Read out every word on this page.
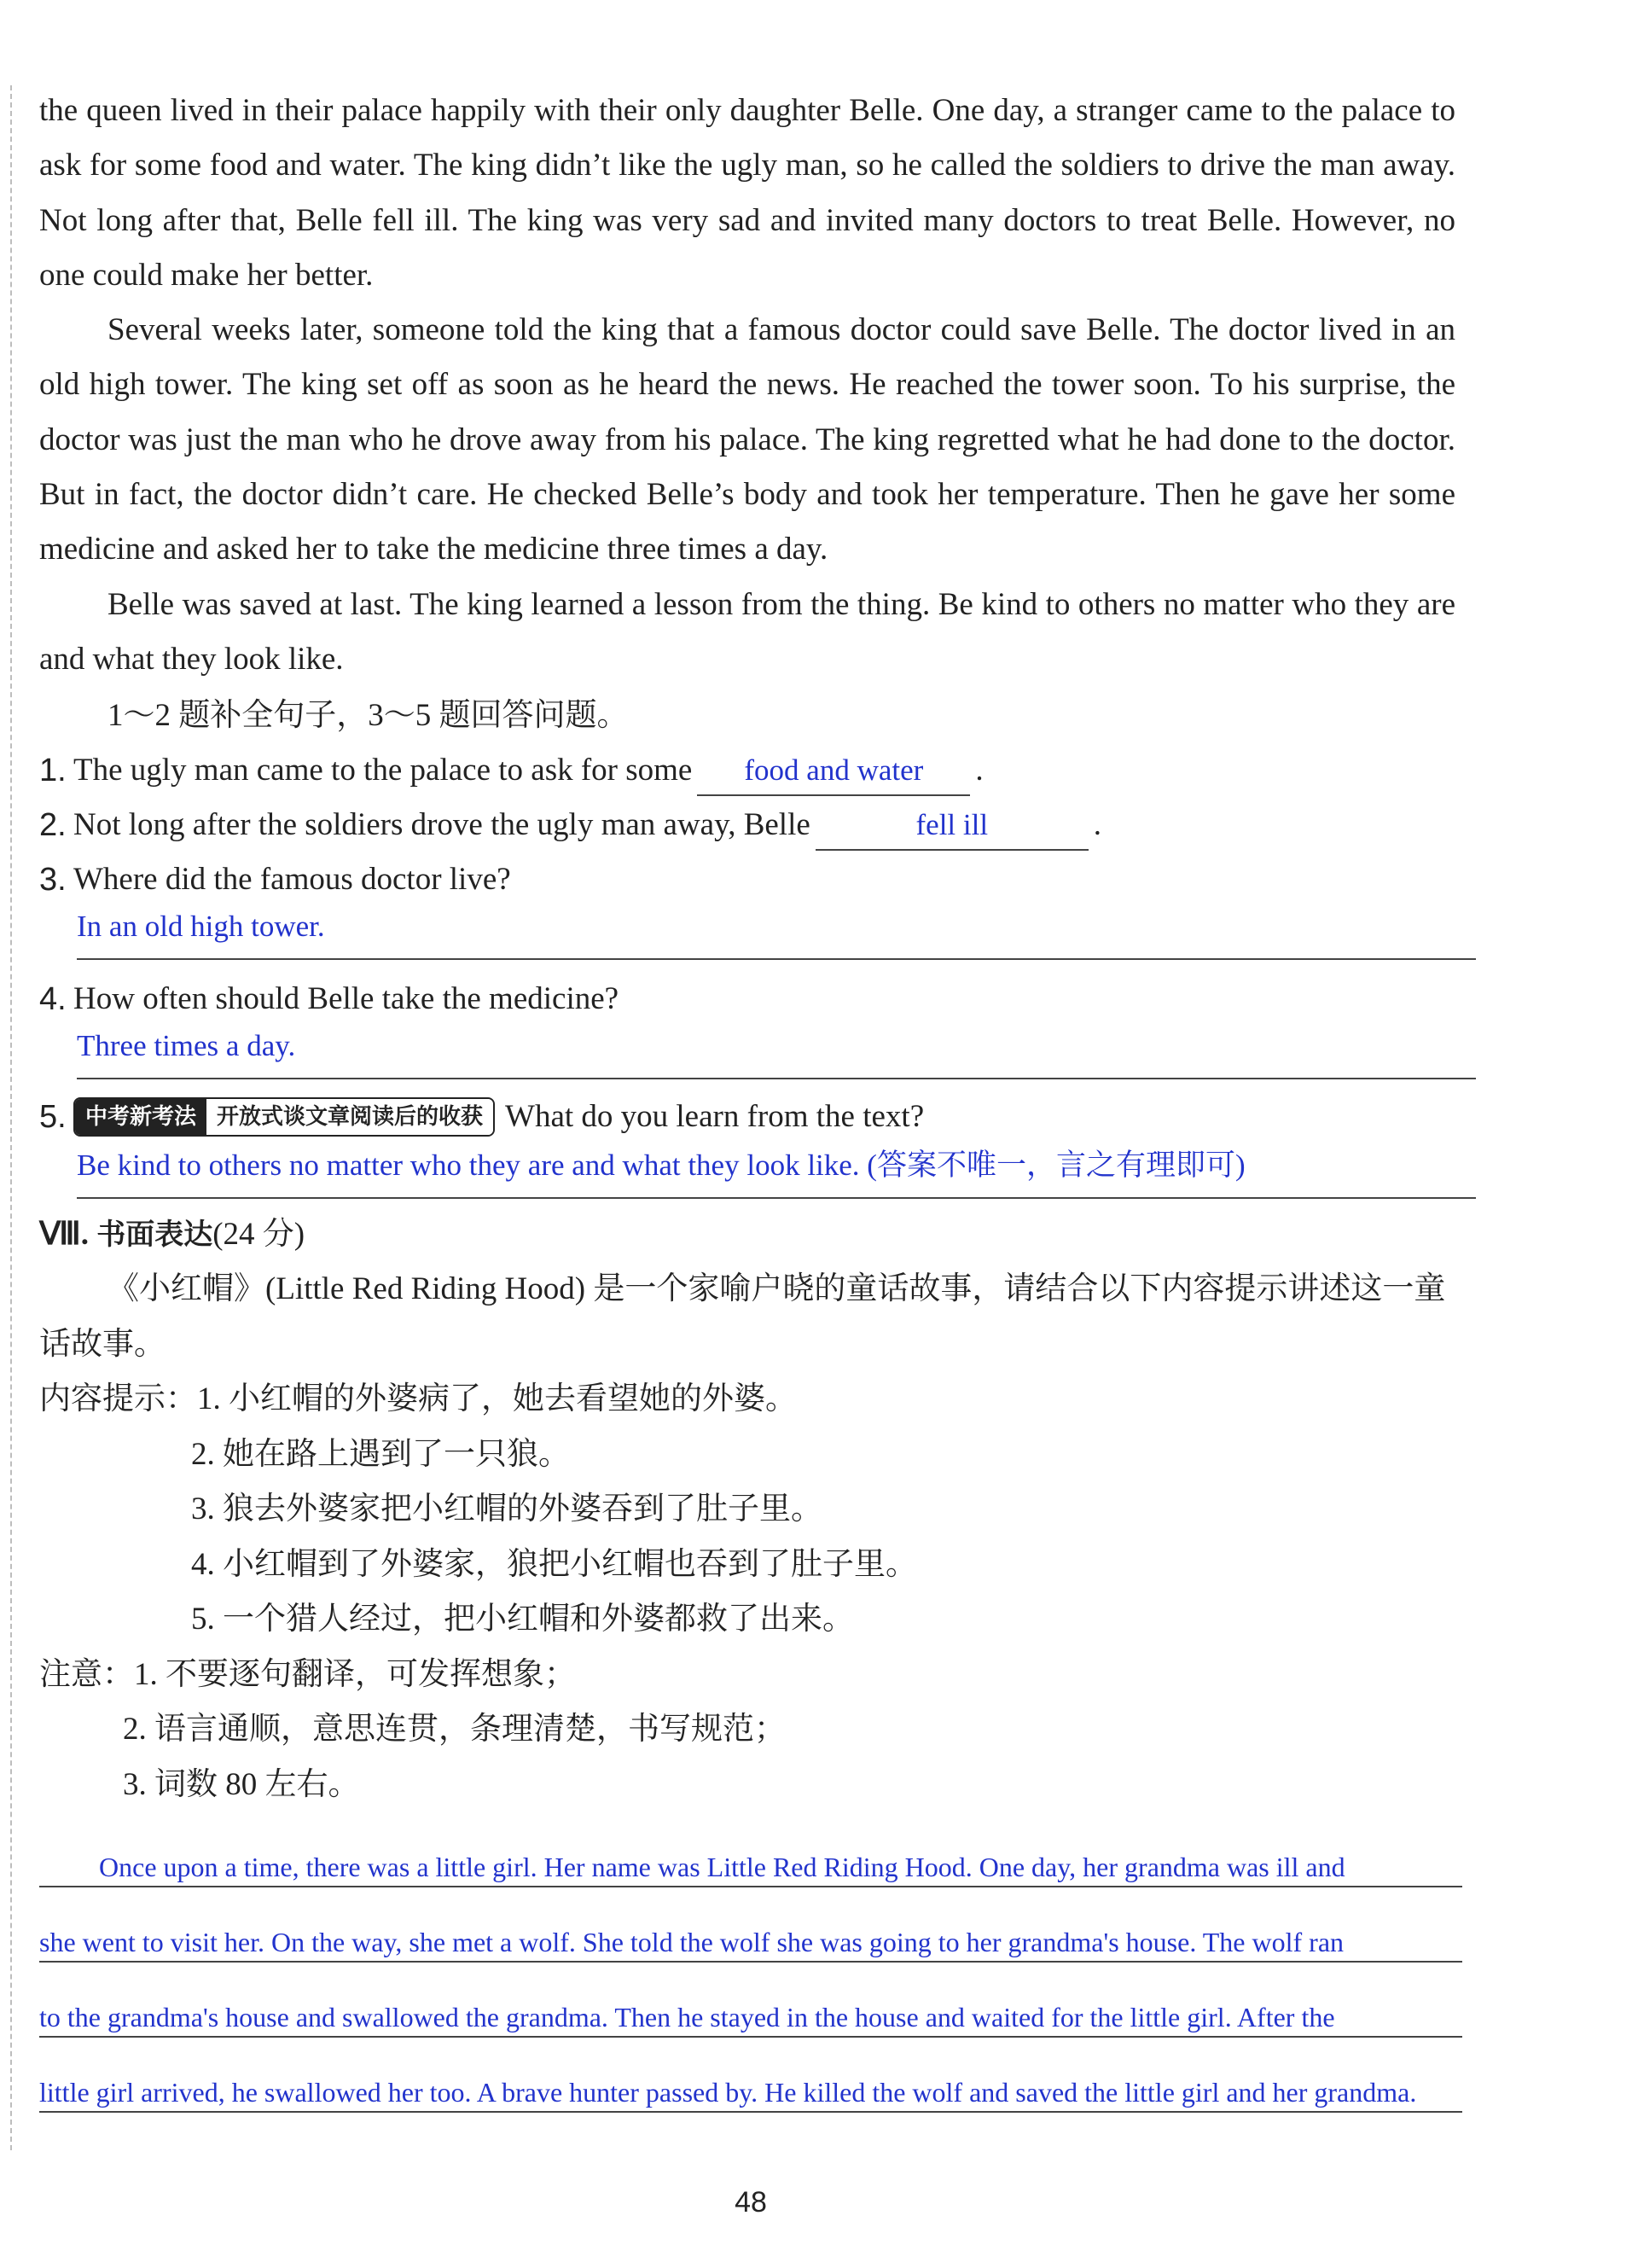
the queen lived in their palace happily with their only daughter Belle. One day, a stranger came to the palace to ask for some food and water. The king didn’t like the ugly man, so he called the soldiers to drive the man away. Not long after that, Belle fell ill. The king was very sad and invited many doctors to treat Belle. However, no one could make her better.

Several weeks later, someone told the king that a famous doctor could save Belle. The doctor lived in an old high tower. The king set off as soon as he heard the news. He reached the tower soon. To his surprise, the doctor was just the man who he drove away from his palace. The king regretted what he had done to the doctor. But in fact, the doctor didn’t care. He checked Belle’s body and took her temperature. Then he gave her some medicine and asked her to take the medicine three times a day.

Belle was saved at last. The king learned a lesson from the thing. Be kind to others no matter who they are and what they look like.

1～2 题补全句子，3～5 题回答问题。

1. The ugly man came to the palace to ask for some	food and water	.
2. Not long after the soldiers drove the ugly man away, Belle	fell ill	.
3. Where did the famous doctor live?
In an old high tower.
4. How often should Belle take the medicine?
Three times a day.
5. 中考新考法 开放式谈文章阅读后的收获 What do you learn from the text?
Be kind to others no matter who they are and what they look like. (答案不唯一，言之有理即可)
Ⅷ. 书面表达(24 分)

《小红帽》(Little Red Riding Hood) 是一个家喻户晓的童话故事，请结合以下内容提示讲述这一童话故事。

内容提示：1. 小红帽的外婆病了，她去看望她的外婆。
2. 她在路上遇到了一只狼。
3. 狼去外婆家把小红帽的外婆吞到了肚子里。
4. 小红帽到了外婆家，狼把小红帽也吞到了肚子里。
5. 一个猎人经过，把小红帽和外婆都救了出来。
注意：1. 不要逐句翻译，可发挥想象；
2. 语言通顺，意思连贯，条理清楚，书写规范；
3. 词数 80 左右。
Once upon a time, there was a little girl. Her name was Little Red Riding Hood. One day, her grandma was ill and
she went to visit her. On the way, she met a wolf. She told the wolf she was going to her grandma's house. The wolf ran
to the grandma's house and swallowed the grandma. Then he stayed in the house and waited for the little girl. After the
little girl arrived, he swallowed her too. A brave hunter passed by. He killed the wolf and saved the little girl and her grandma.
48
